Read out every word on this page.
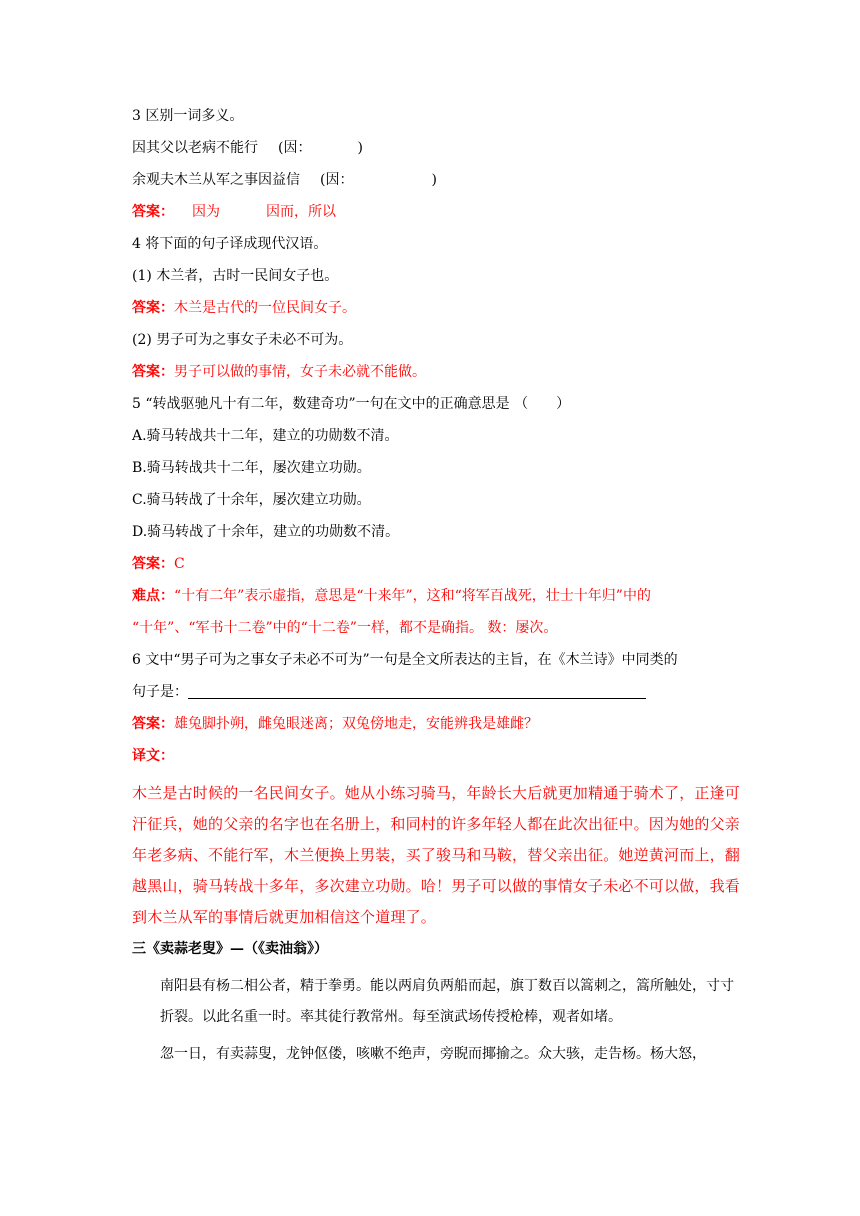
3 区别一词多义。

因其父以老病不能行 (因：	)

余观夫木兰从军之事因益信 (因：	)

答案： 因为	因而，所以

4 将下面的句子译成现代汉语。

(1) 木兰者，古时一民间女子也。

答案：木兰是古代的一位民间女子。

(2) 男子可为之事女子未必不可为。

答案：男子可以做的事情，女子未必就不能做。

5 “转战驱驰凡十有二年，数建奇功”一句在文中的正确意思是 （　　）

A.骑马转战共十二年，建立的功勋数不清。

B.骑马转战共十二年，屡次建立功勋。

C.骑马转战了十余年，屡次建立功勋。

D.骑马转战了十余年，建立的功勋数不清。

答案：C

难点：“十有二年”表示虚指，意思是“十来年”，这和“将军百战死，壮士十年归”中的

“十年”、“军书十二卷”中的“十二卷”一样，都不是确指。 数：屡次。

6 文中“男子可为之事女子未必不可为”一句是全文所表达的主旨，在《木兰诗》中同类的

句子是：

答案：雄兔脚扑朔，雌兔眼迷离；双兔傍地走，安能辨我是雄雌？

译文：

木兰是古时候的一名民间女子。她从小练习骑马，年龄长大后就更加精通于骑术了，正逢可汗征兵，她的父亲的名字也在名册上，和同村的许多年轻人都在此次出征中。因为她的父亲年老多病、不能行军，木兰便换上男装，买了骏马和马鞍，替父亲出征。她逆黄河而上，翻越黑山，骑马转战十多年，多次建立功勋。哈！男子可以做的事情女子未必不可以做，我看到木兰从军的事情后就更加相信这个道理了。

三《卖蒜老叟》—（《卖油翁》）

南阳县有杨二相公者，精于拳勇。能以两肩负两船而起，旗丁数百以篙刺之，篙所触处，寸寸折裂。以此名重一时。率其徒行教常州。每至演武场传授枪棒，观者如堵。

忽一日，有卖蒜叟，龙钟伛偻，咳嗽不绝声，旁睨而揶揄之。众大骇，走告杨。杨大怒，
